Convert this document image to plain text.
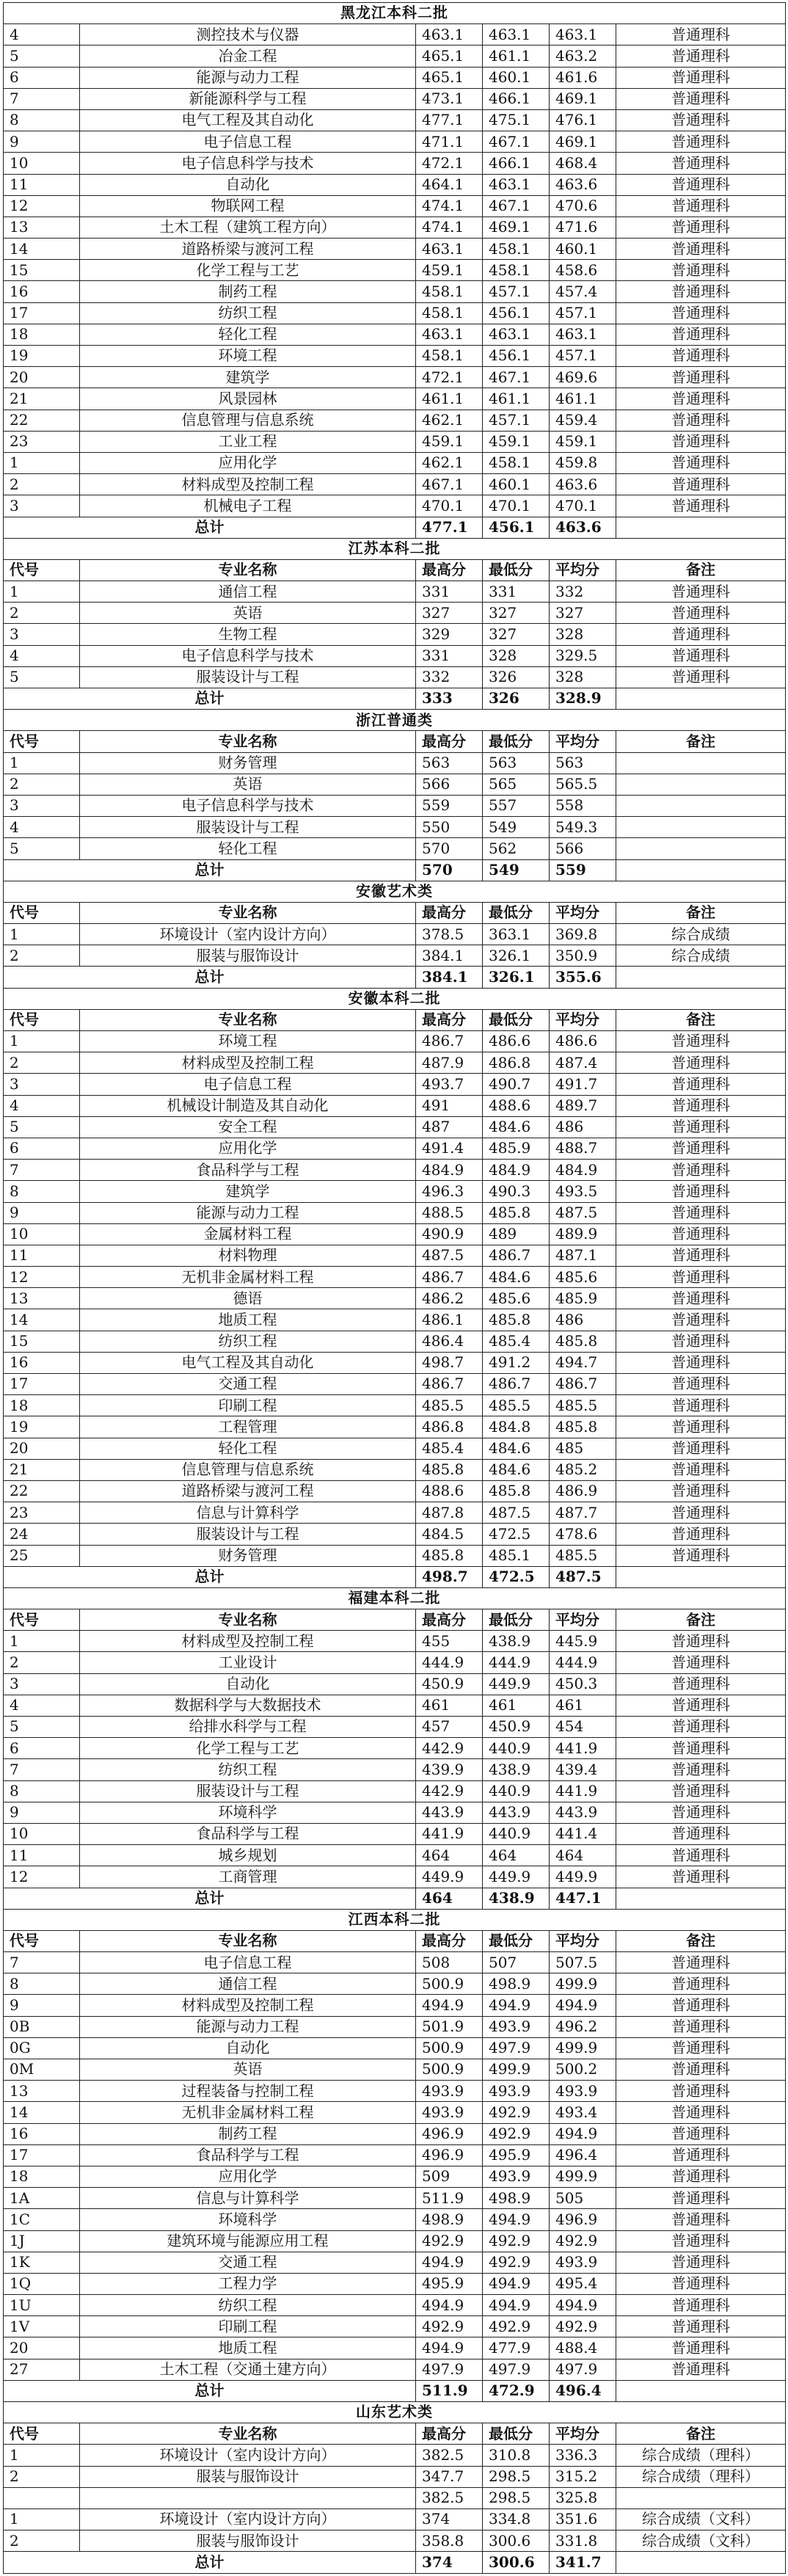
黑龙江本科二批					
4	测控技术与仪器	463.1	463.1	463.1	普通理科
5	冶金工程	465.1	461.1	463.2	普通理科
6	能源与动力工程	465.1	460.1	461.6	普通理科
7	新能源科学与工程	473.1	466.1	469.1	普通理科
8	电气工程及其自动化	477.1	475.1	476.1	普通理科
9	电子信息工程	471.1	467.1	469.1	普通理科
10	电子信息科学与技术	472.1	466.1	468.4	普通理科
11	自动化	464.1	463.1	463.6	普通理科
12	物联网工程	474.1	467.1	470.6	普通理科
13	土木工程（建筑工程方向）	474.1	469.1	471.6	普通理科
14	道路桥梁与渡河工程	463.1	458.1	460.1	普通理科
15	化学工程与工艺	459.1	458.1	458.6	普通理科
16	制药工程	458.1	457.1	457.4	普通理科
17	纺织工程	458.1	456.1	457.1	普通理科
18	轻化工程	463.1	463.1	463.1	普通理科
19	环境工程	458.1	456.1	457.1	普通理科
20	建筑学	472.1	467.1	469.6	普通理科
21	风景园林	461.1	461.1	461.1	普通理科
22	信息管理与信息系统	462.1	457.1	459.4	普通理科
23	工业工程	459.1	459.1	459.1	普通理科
1	应用化学	462.1	458.1	459.8	普通理科
2	材料成型及控制工程	467.1	460.1	463.6	普通理科
3	机械电子工程	470.1	470.1	470.1	普通理科
总计		477.1	456.1	463.6	
江苏本科二批					
代号	专业名称	最高分	最低分	平均分	备注
1	通信工程	331	331	332	普通理科
2	英语	327	327	327	普通理科
3	生物工程	329	327	328	普通理科
4	电子信息科学与技术	331	328	329.5	普通理科
5	服装设计与工程	332	326	328	普通理科
总计		333	326	328.9	
浙江普通类					
代号	专业名称	最高分	最低分	平均分	备注
1	财务管理	563	563	563	
2	英语	566	565	565.5	
3	电子信息科学与技术	559	557	558	
4	服装设计与工程	550	549	549.3	
5	轻化工程	570	562	566	
总计		570	549	559	
安徽艺术类					
代号	专业名称	最高分	最低分	平均分	备注
1	环境设计（室内设计方向）	378.5	363.1	369.8	综合成绩
2	服装与服饰设计	384.1	326.1	350.9	综合成绩
总计		384.1	326.1	355.6	
安徽本科二批					
代号	专业名称	最高分	最低分	平均分	备注
1	环境工程	486.7	486.6	486.6	普通理科
2	材料成型及控制工程	487.9	486.8	487.4	普通理科
3	电子信息工程	493.7	490.7	491.7	普通理科
4	机械设计制造及其自动化	491	488.6	489.7	普通理科
5	安全工程	487	484.6	486	普通理科
6	应用化学	491.4	485.9	488.7	普通理科
7	食品科学与工程	484.9	484.9	484.9	普通理科
8	建筑学	496.3	490.3	493.5	普通理科
9	能源与动力工程	488.5	485.8	487.5	普通理科
10	金属材料工程	490.9	489	489.9	普通理科
11	材料物理	487.5	486.7	487.1	普通理科
12	无机非金属材料工程	486.7	484.6	485.6	普通理科
13	德语	486.2	485.6	485.9	普通理科
14	地质工程	486.1	485.8	486	普通理科
15	纺织工程	486.4	485.4	485.8	普通理科
16	电气工程及其自动化	498.7	491.2	494.7	普通理科
17	交通工程	486.7	486.7	486.7	普通理科
18	印刷工程	485.5	485.5	485.5	普通理科
19	工程管理	486.8	484.8	485.8	普通理科
20	轻化工程	485.4	484.6	485	普通理科
21	信息管理与信息系统	485.8	484.6	485.2	普通理科
22	道路桥梁与渡河工程	488.6	485.8	486.9	普通理科
23	信息与计算科学	487.8	487.5	487.7	普通理科
24	服装设计与工程	484.5	472.5	478.6	普通理科
25	财务管理	485.8	485.1	485.5	普通理科
总计		498.7	472.5	487.5	
福建本科二批					
代号	专业名称	最高分	最低分	平均分	备注
1	材料成型及控制工程	455	438.9	445.9	普通理科
2	工业设计	444.9	444.9	444.9	普通理科
3	自动化	450.9	449.9	450.3	普通理科
4	数据科学与大数据技术	461	461	461	普通理科
5	给排水科学与工程	457	450.9	454	普通理科
6	化学工程与工艺	442.9	440.9	441.9	普通理科
7	纺织工程	439.9	438.9	439.4	普通理科
8	服装设计与工程	442.9	440.9	441.9	普通理科
9	环境科学	443.9	443.9	443.9	普通理科
10	食品科学与工程	441.9	440.9	441.4	普通理科
11	城乡规划	464	464	464	普通理科
12	工商管理	449.9	449.9	449.9	普通理科
总计		464	438.9	447.1	
江西本科二批					
代号	专业名称	最高分	最低分	平均分	备注
7	电子信息工程	508	507	507.5	普通理科
8	通信工程	500.9	498.9	499.9	普通理科
9	材料成型及控制工程	494.9	494.9	494.9	普通理科
0B	能源与动力工程	501.9	493.9	496.2	普通理科
0G	自动化	500.9	497.9	499.9	普通理科
0M	英语	500.9	499.9	500.2	普通理科
13	过程装备与控制工程	493.9	493.9	493.9	普通理科
14	无机非金属材料工程	493.9	492.9	493.4	普通理科
16	制药工程	496.9	492.9	494.9	普通理科
17	食品科学与工程	496.9	495.9	496.4	普通理科
18	应用化学	509	493.9	499.9	普通理科
1A	信息与计算科学	511.9	498.9	505	普通理科
1C	环境科学	498.9	494.9	496.9	普通理科
1J	建筑环境与能源应用工程	492.9	492.9	492.9	普通理科
1K	交通工程	494.9	492.9	493.9	普通理科
1Q	工程力学	495.9	494.9	495.4	普通理科
1U	纺织工程	494.9	494.9	494.9	普通理科
1V	印刷工程	492.9	492.9	492.9	普通理科
20	地质工程	494.9	477.9	488.4	普通理科
27	土木工程（交通土建方向）	497.9	497.9	497.9	普通理科
总计		511.9	472.9	496.4	
山东艺术类					
代号	专业名称	最高分	最低分	平均分	备注
1	环境设计（室内设计方向）	382.5	310.8	336.3	综合成绩（理科）
2	服装与服饰设计	347.7	298.5	315.2	综合成绩（理科）
		382.5	298.5	325.8	
1	环境设计（室内设计方向）	374	334.8	351.6	综合成绩（文科）
2	服装与服饰设计	358.8	300.6	331.8	综合成绩（文科）
总计		374	300.6	341.7	
